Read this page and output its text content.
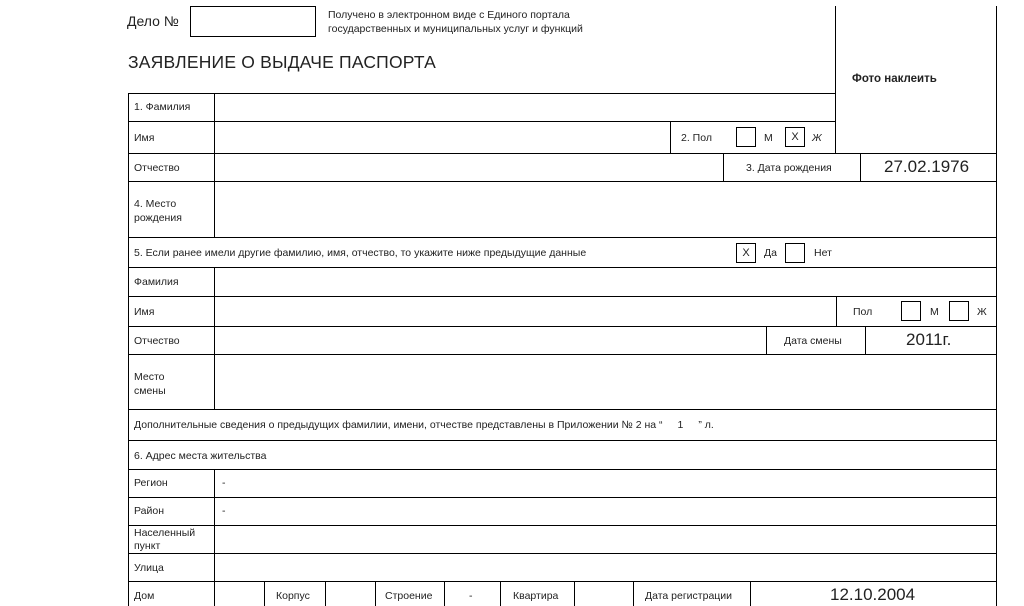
Дело №	Получено в электронном виде с Единого портала
государственных и муниципальных услуг и функций
ЗАЯВЛЕНИЕ О ВЫДАЧЕ ПАСПОРТА
Фото наклеить
1. Фамилия
Имя	2. Пол	М	Х	Ж
Отчество	3. Дата рождения	27.02.1976
4. Место
рождения
5. Если ранее имели другие фамилию, имя, отчество, то укажите ниже предыдущие данные	Х	Да	Нет
Фамилия
Имя	Пол	М	Ж
Отчество	Дата смены	2011г.
Место
смены
Дополнительные сведения о предыдущих фамилии, имени, отчестве представлены в Приложении № 2 на “ 1 ” л.
6. Адрес места жительства
Регион	-
Район	-
Населенный
пункт
Улица
Дом	Корпус	Строение	-	Квартира	Дата регистрации	12.10.2004
